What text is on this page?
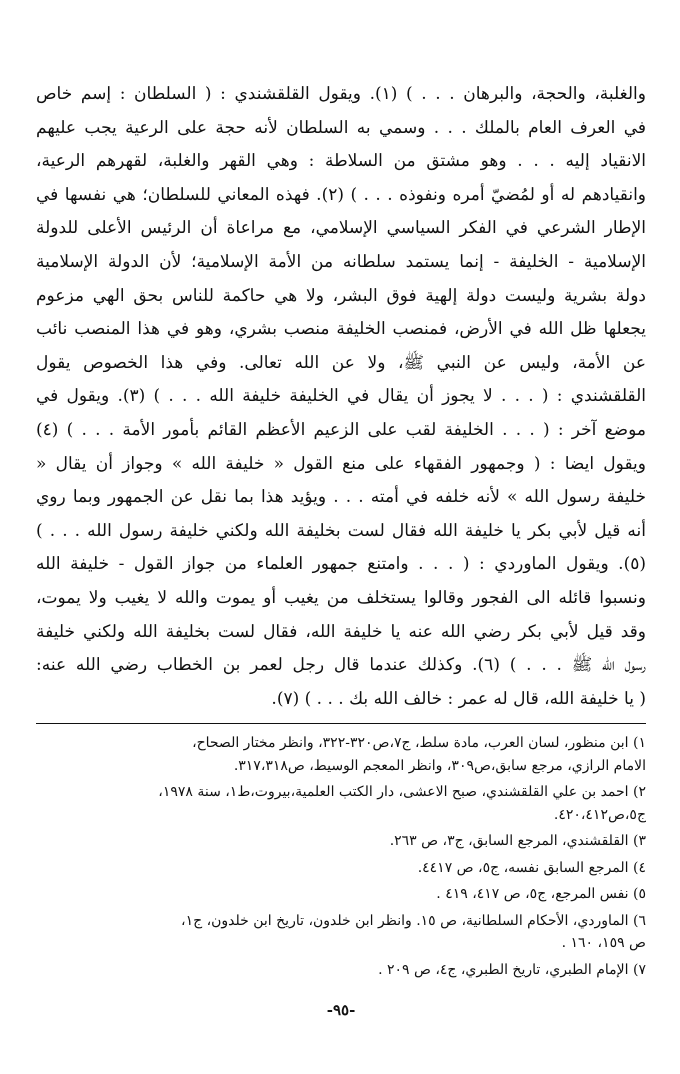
والغلبة، والحجة، والبرهان . . . ) (١). ويقول القلقشندي : ( السلطان : إسم خاص
في العرف العام بالملك . . . وسمي به السلطان لأنه حجة على الرعية يجب عليهم
الانقياد إليه . . . وهو مشتق من السلاطة : وهي القهر والغلبة، لقهرهم الرعية،
وانقيادهم له أو لمُضيّ أمره ونفوذه . . . ) (٢). فهذه المعاني للسلطان؛ هي نفسها في
الإطار الشرعي في الفكر السياسي الإسلامي، مع مراعاة أن الرئيس الأعلى للدولة
الإسلامية - الخليفة - إنما يستمد سلطانه من الأمة الإسلامية؛ لأن الدولة الإسلامية
دولة بشرية وليست دولة إلهية فوق البشر، ولا هي حاكمة للناس بحق الهي مزعوم
يجعلها ظل الله في الأرض، فمنصب الخليفة منصب بشري، وهو في هذا المنصب نائب
عن الأمة، وليس عن النبي ﷺ، ولا عن الله تعالى. وفي هذا الخصوص يقول
القلقشندي : ( . . . لا يجوز أن يقال في الخليفة خليفة الله . . . ) (٣). ويقول في
موضع آخر : ( . . . الخليفة لقب على الزعيم الأعظم القائم بأمور الأمة . . . ) (٤)
ويقول ايضا : ( وجمهور الفقهاء على منع القول « خليفة الله » وجواز أن يقال «
خليفة رسول الله » لأنه خلفه في أمته . . . ويؤيد هذا بما نقل عن الجمهور وبما روي
أنه قيل لأبي بكر يا خليفة الله فقال لست بخليفة الله ولكني خليفة رسول الله . . . )
(٥). ويقول الماوردي : ( . . . وامتنع جمهور العلماء من جواز القول - خليفة الله
ونسبوا قائله الى الفجور وقالوا يستخلف من يغيب أو يموت والله لا يغيب ولا يموت،
وقد قيل لأبي بكر رضي الله عنه يا خليفة الله، فقال لست بخليفة الله ولكني خليفة
رسول الله ﷺ . . . ) (٦). وكذلك عندما قال رجل لعمر بن الخطاب رضي الله عنه:
( يا خليفة الله، قال له عمر : خالف الله بك . . . ) (٧).
١) ابن منظور، لسان العرب، مادة سلط، ج٧،ص٣٢٠-٣٢٢، وانظر مختار الصحاح،
الامام الرازي، مرجع سابق،ص٣٠٩، وانظر المعجم الوسيط، ص٣١٧،٣١٨.
٢) احمد بن علي القلقشندي، صبح الاعشى، دار الكتب العلمية،بيروت،ط١، سنة ١٩٧٨،
ج٥،ص٤٢٠،٤١٢.
٣) القلقشندي، المرجع السابق، ج٣، ص ٢٦٣.
٤) المرجع السابق نفسه، ج٥، ص ٤٤١٧.
٥) نفس المرجع، ج٥، ص ٤١٧، ٤١٩ .
٦) الماوردي، الأحكام السلطانية، ص ١٥. وانظر ابن خلدون، تاريخ ابن خلدون، ج١،
ص ١٥٩، ١٦٠ .
٧) الإمام الطبري، تاريخ الطبري، ج٤، ص ٢٠٩ .
-٩٥-
